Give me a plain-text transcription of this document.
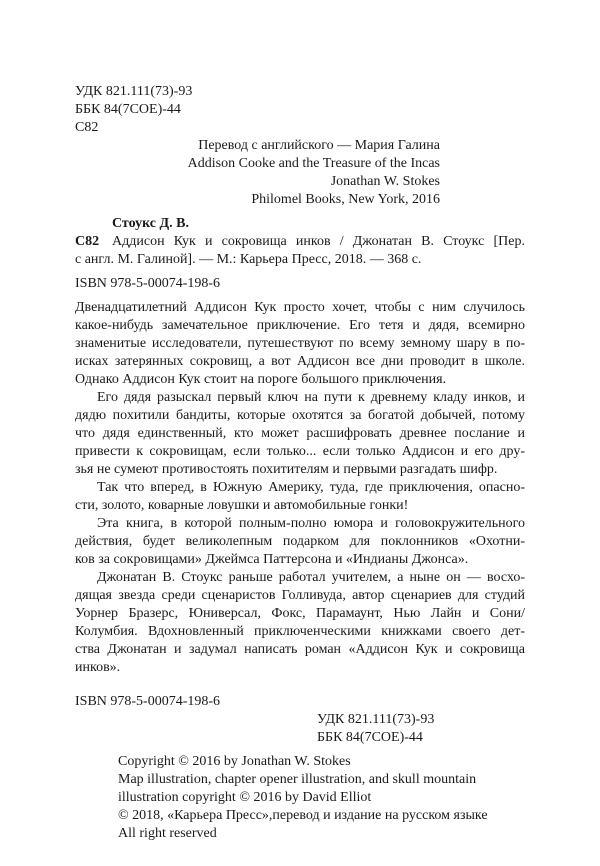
УДК 821.111(73)-93
ББК 84(7СОЕ)-44
С82
Перевод с английского — Мария Галина
Addison Cooke and the Treasure of the Incas
Jonathan W. Stokes
Philomel Books, New York, 2016
Стоукс Д. В.
С82 Аддисон Кук и сокровища инков / Джонатан В. Стоукс [Пер.
с англ. М. Галиной]. — М.: Карьера Пресс, 2018. — 368 с.
ISBN 978-5-00074-198-6
Двенадцатилетний Аддисон Кук просто хочет, чтобы с ним случилось
какое-нибудь замечательное приключение. Его тетя и дядя, всемирно
знаменитые исследователи, путешествуют по всему земному шару в по-
исках затерянных сокровищ, а вот Аддисон все дни проводит в школе.
Однако Аддисон Кук стоит на пороге большого приключения.
Его дядя разыскал первый ключ на пути к древнему кладу инков, и
дядю похитили бандиты, которые охотятся за богатой добычей, потому
что дядя единственный, кто может расшифровать древнее послание и
привести к сокровищам, если только... если только Аддисон и его дру-
зья не сумеют противостоять похитителям и первыми разгадать шифр.
Так что вперед, в Южную Америку, туда, где приключения, опасно-
сти, золото, коварные ловушки и автомобильные гонки!
Эта книга, в которой полным-полно юмора и головокружительного
действия, будет великолепным подарком для поклонников «Охотни-
ков за сокровищами» Джеймса Паттерсона и «Индианы Джонса».
Джонатан В. Стоукс раньше работал учителем, а ныне он — восхо-
дящая звезда среди сценаристов Голливуда, автор сценариев для студий
Уорнер Бразерс, Юниверсал, Фокс, Парамаунт, Нью Лайн и Сони/
Колумбия. Вдохновленный приключенческими книжками своего дет-
ства Джонатан и задумал написать роман «Аддисон Кук и сокровища
инков».
ISBN 978-5-00074-198-6
УДК 821.111(73)-93
ББК 84(7СОЕ)-44
Copyright © 2016 by Jonathan W. Stokes
Map illustration, chapter opener illustration, and skull mountain
illustration copyright © 2016 by David Elliot
© 2018, «Карьера Пресс»,перевод и издание на русском языке
All right reserved
